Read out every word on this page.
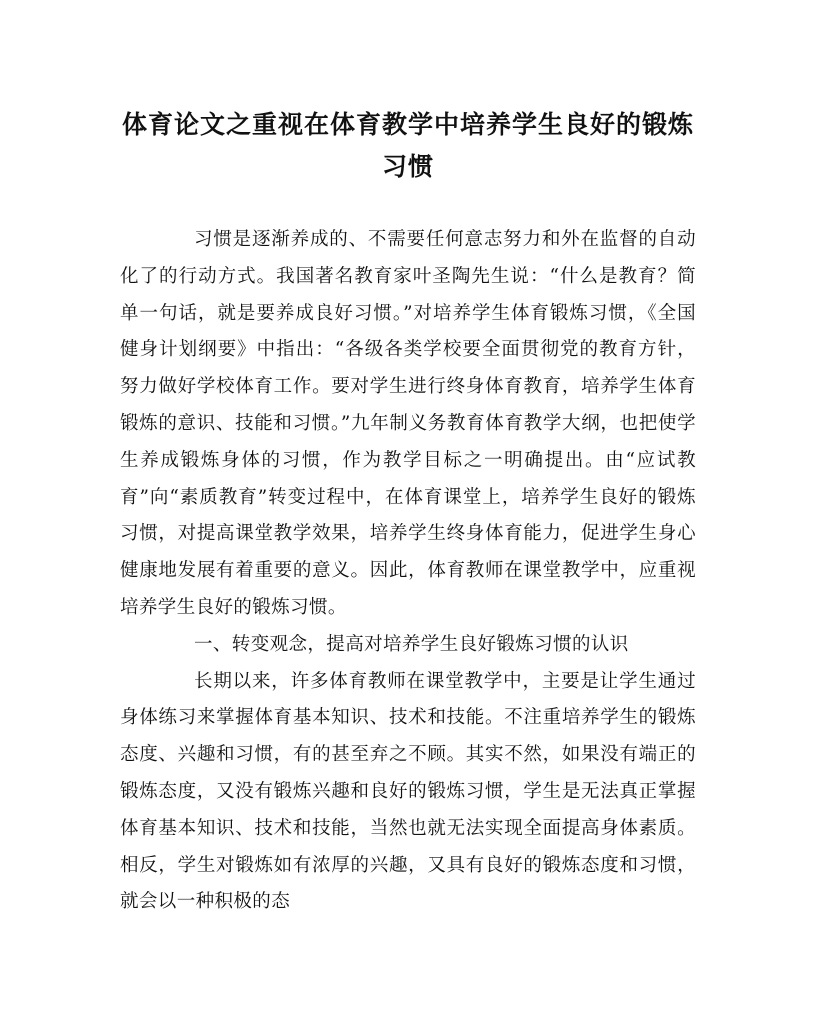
体育论文之重视在体育教学中培养学生良好的锻炼习惯

习惯是逐渐养成的、不需要任何意志努力和外在监督的自动化了的行动方式。我国著名教育家叶圣陶先生说：“什么是教育？简单一句话，就是要养成良好习惯。”对培养学生体育锻炼习惯，《全国健身计划纲要》中指出：“各级各类学校要全面贯彻党的教育方针，努力做好学校体育工作。要对学生进行终身体育教育，培养学生体育锻炼的意识、技能和习惯。”九年制义务教育体育教学大纲，也把使学生养成锻炼身体的习惯，作为教学目标之一明确提出。由“应试教育”向“素质教育”转变过程中，在体育课堂上，培养学生良好的锻炼习惯，对提高课堂教学效果，培养学生终身体育能力，促进学生身心健康地发展有着重要的意义。因此，体育教师在课堂教学中，应重视培养学生良好的锻炼习惯。

一、转变观念，提高对培养学生良好锻炼习惯的认识

长期以来，许多体育教师在课堂教学中，主要是让学生通过身体练习来掌握体育基本知识、技术和技能。不注重培养学生的锻炼态度、兴趣和习惯，有的甚至弃之不顾。其实不然，如果没有端正的锻炼态度，又没有锻炼兴趣和良好的锻炼习惯，学生是无法真正掌握体育基本知识、技术和技能，当然也就无法实现全面提高身体素质。相反，学生对锻炼如有浓厚的兴趣，又具有良好的锻炼态度和习惯，就会以一种积极的态
